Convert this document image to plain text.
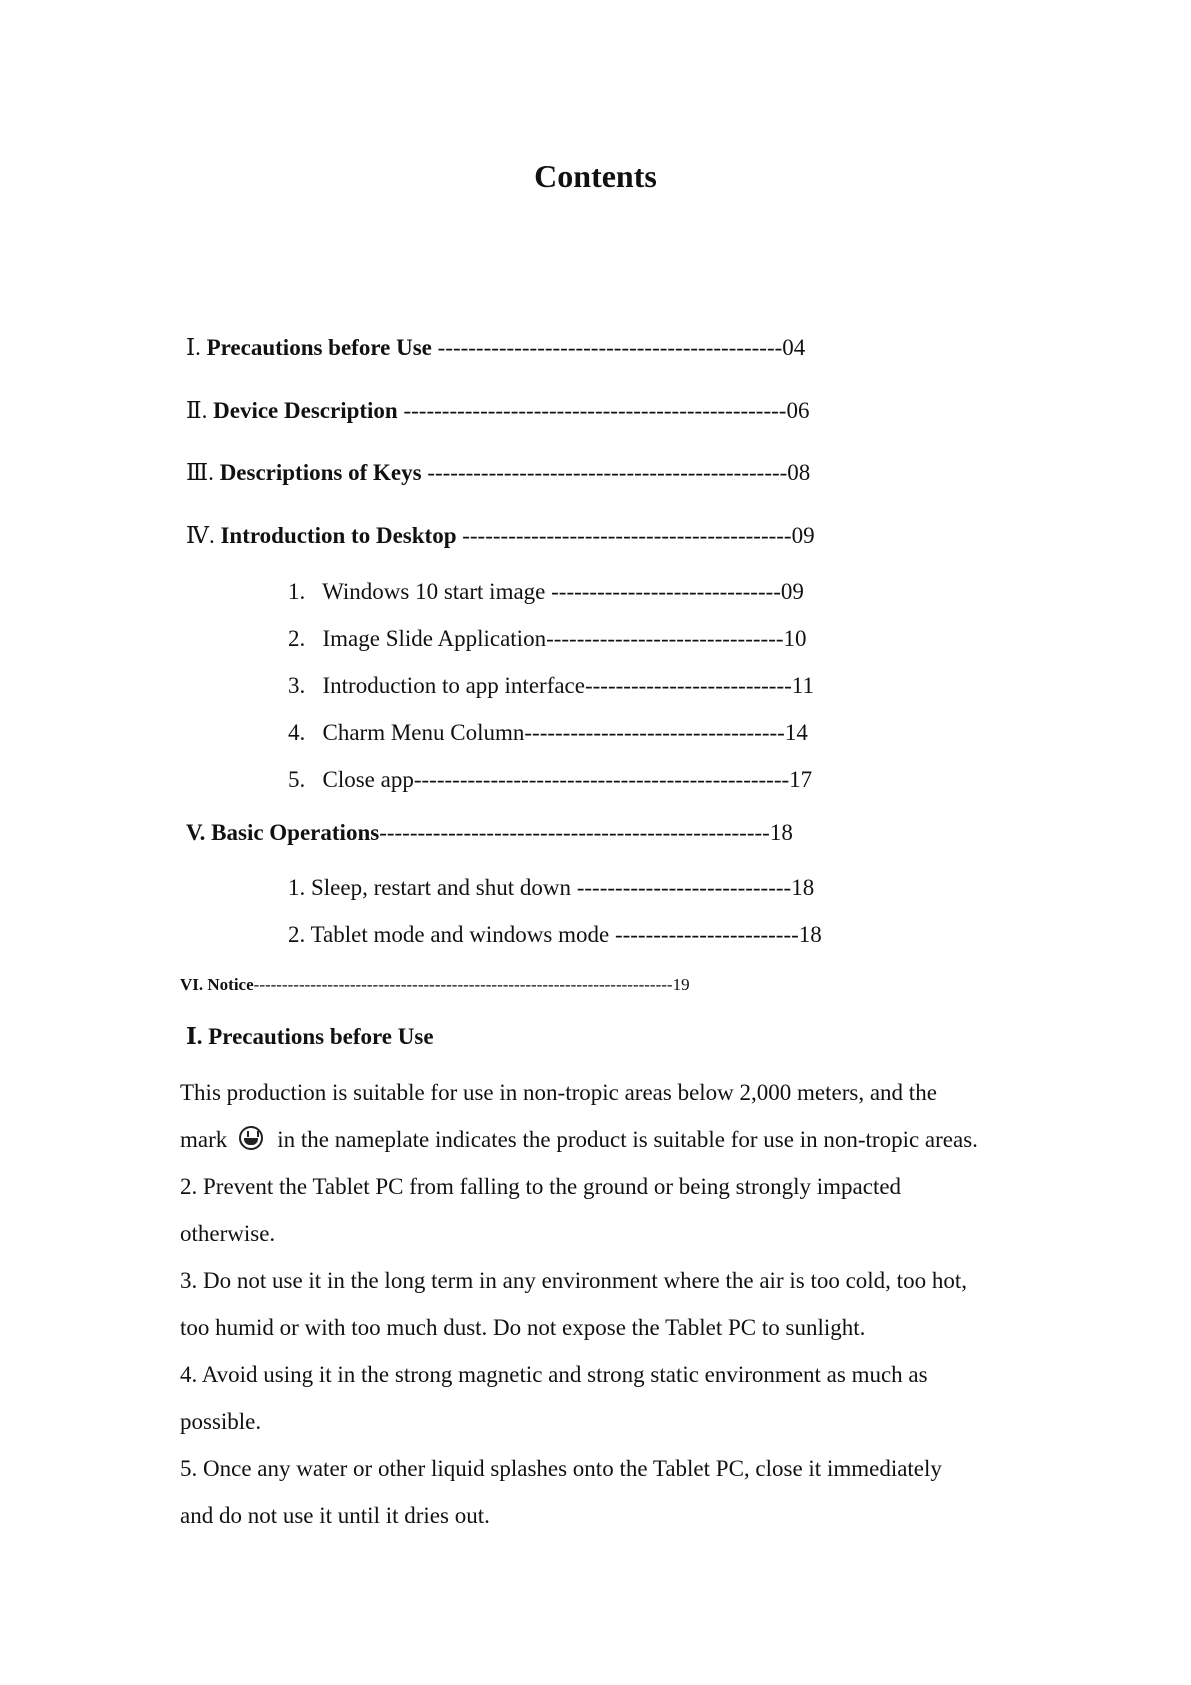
Contents
Ⅰ. Precautions before Use ---------------------------------------------04
Ⅱ. Device Description --------------------------------------------------06
Ⅲ. Descriptions of Keys -----------------------------------------------08
Ⅳ. Introduction to Desktop -------------------------------------------09
1. Windows 10 start image ------------------------------09
2. Image Slide Application-------------------------------10
3. Introduction to app interface---------------------------11
4. Charm Menu Column----------------------------------14
5. Close app-------------------------------------------------17
V. Basic Operations---------------------------------------------------18
1. Sleep, restart and shut down ----------------------------18
2. Tablet mode and windows mode ------------------------18
VI. Notice--------------------------------------------------------------------------19
Ⅰ. Precautions before Use

This production is suitable for use in non-tropic areas below 2,000 meters, and the

mark in the nameplate indicates the product is suitable for use in non-tropic areas.

2. Prevent the Tablet PC from falling to the ground or being strongly impacted

otherwise.

3. Do not use it in the long term in any environment where the air is too cold, too hot,

too humid or with too much dust. Do not expose the Tablet PC to sunlight.

4. Avoid using it in the strong magnetic and strong static environment as much as

possible.

5. Once any water or other liquid splashes onto the Tablet PC, close it immediately

and do not use it until it dries out.
